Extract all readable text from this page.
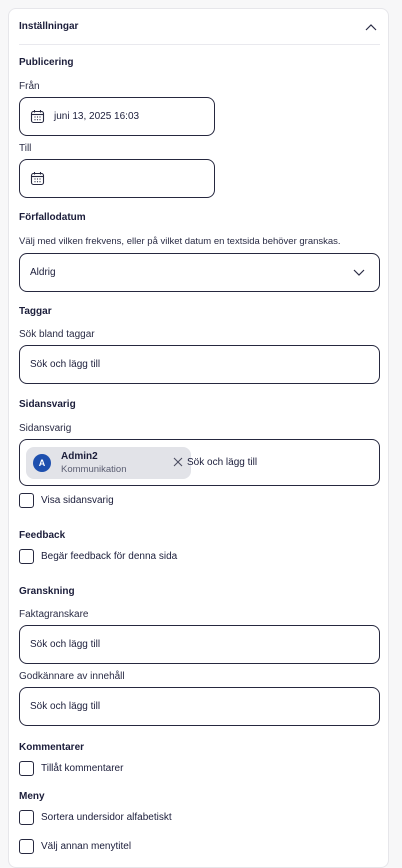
Inställningar
Publicering
Från
juni 13, 2025 16:03
Till
Förfallodatum
Välj med vilken frekvens, eller på vilket datum en textsida behöver granskas.
Aldrig
Taggar
Sök bland taggar
Sök och lägg till
Sidansvarig
Sidansvarig
A
Admin2
Kommunikation
Sök och lägg till
Visa sidansvarig
Feedback
Begär feedback för denna sida
Granskning
Faktagranskare
Sök och lägg till
Godkännare av innehåll
Sök och lägg till
Kommentarer
Tillåt kommentarer
Meny
Sortera undersidor alfabetiskt
Välj annan menytitel
